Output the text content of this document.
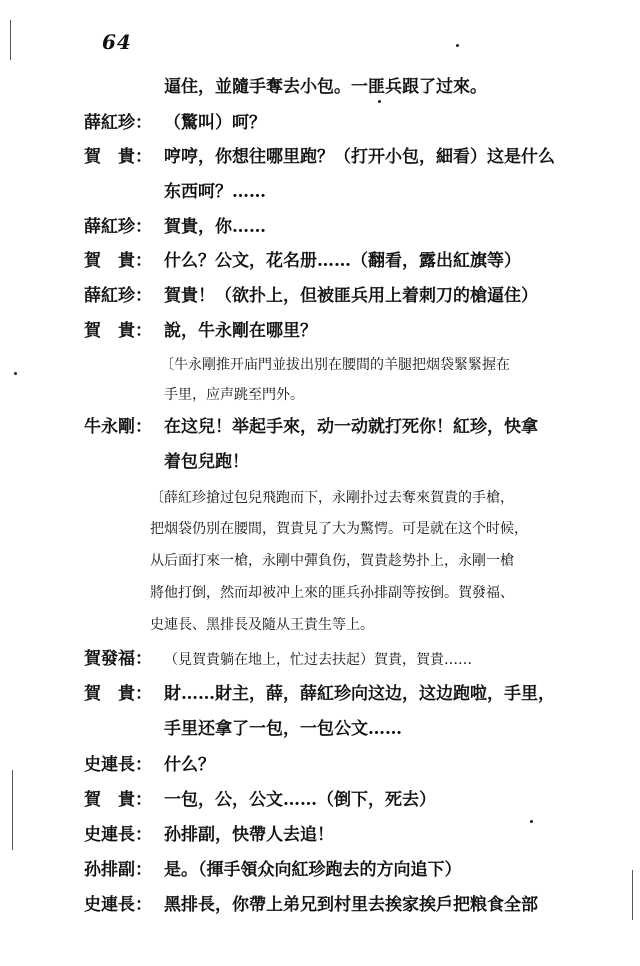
64
逼住，並隨手奪去小包。一匪兵跟了过來。
薛紅珍： （驚叫）呵？
賀　貴： 哼哼，你想往哪里跑？（打开小包，細看）这是什么
东西呵？……
薛紅珍： 賀貴，你……
賀　貴： 什么？公文，花名册……（翻看，露出紅旗等）
薛紅珍： 賀貴！（欲扑上，但被匪兵用上着刺刀的槍逼住）
賀　貴： 說，牛永剛在哪里？
〔牛永剛推开庙門並拔出別在腰間的羊腿把烟袋緊緊握在
手里，应声跳至門外。
牛永剛： 在这兒！举起手來，动一动就打死你！紅珍，快拿
着包兒跑！
〔薛紅珍搶过包兒飛跑而下，永剛扑过去奪來賀貴的手槍，
把烟袋仍別在腰間，賀貴見了大为驚愕。可是就在这个时候，
从后面打來一槍，永剛中彈負伤，賀貴趁势扑上，永剛一槍
將他打倒，然而却被冲上來的匪兵孙排副等按倒。賀發福、
史連長、黑排長及隨从王貴生等上。
賀發福： （見賀貴躺在地上，忙过去扶起）賀貴，賀貴……
賀　貴： 財……財主，薛，薛紅珍向这边，这边跑啦，手里，
手里还拿了一包，一包公文……
史連長： 什么？
賀　貴： 一包，公，公文……（倒下，死去）
史連長： 孙排副，快帶人去追！
孙排副： 是。（揮手領众向紅珍跑去的方向追下）
史連長： 黑排長，你帶上弟兄到村里去挨家挨戶把粮食全部
